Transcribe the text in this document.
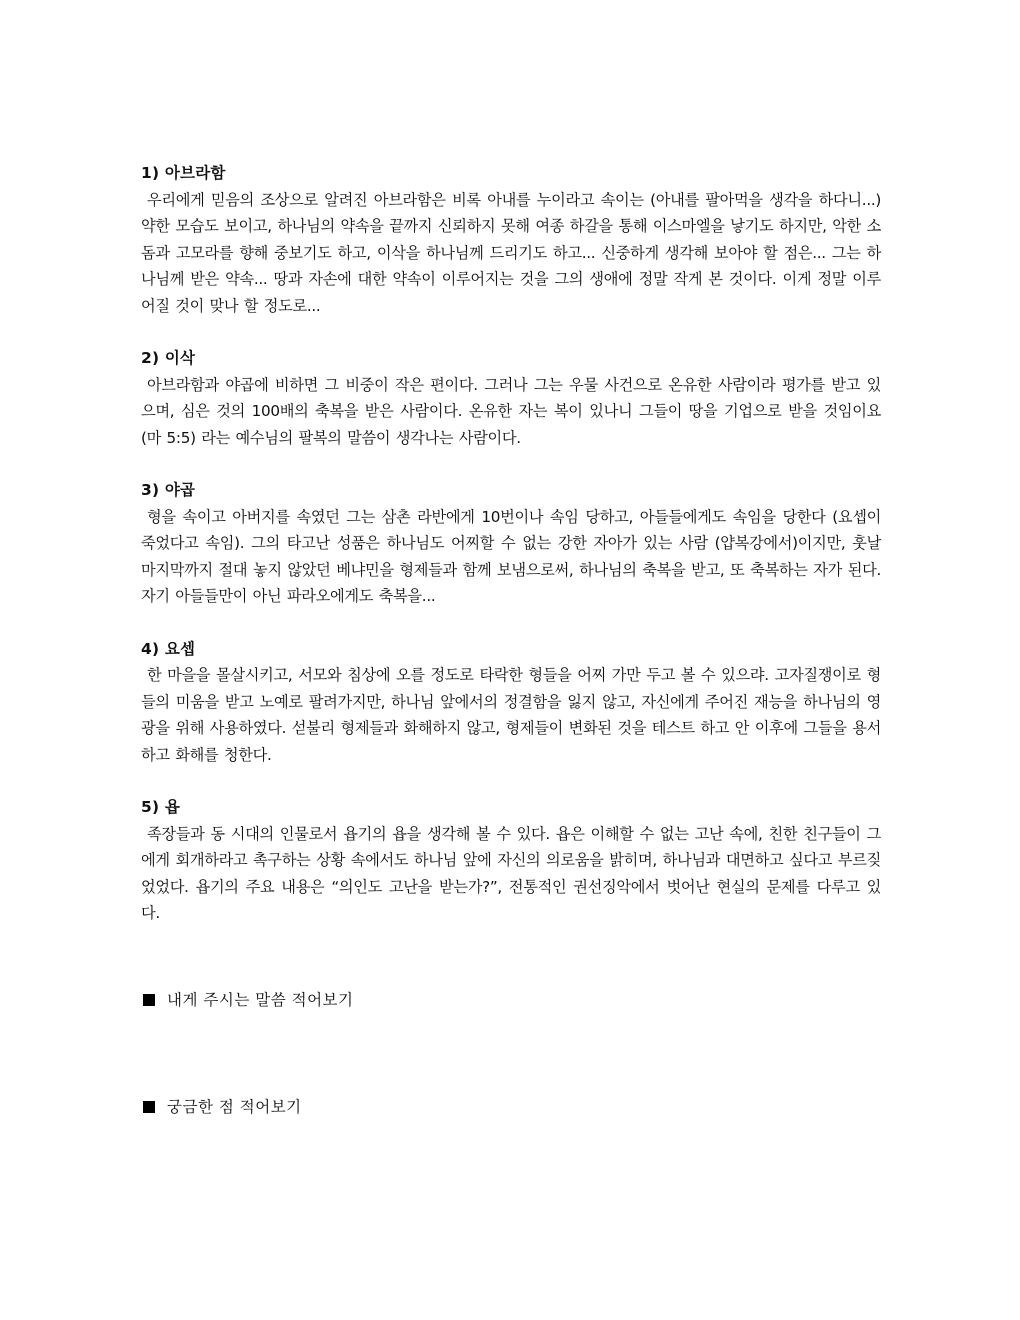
1) 아브라함

우리에게 믿음의 조상으로 알려진 아브라함은 비록 아내를 누이라고 속이는 (아내를 팔아먹을 생각을 하다니...) 약한 모습도 보이고, 하나님의 약속을 끝까지 신뢰하지 못해 여종 하갈을 통해 이스마엘을 낳기도 하지만, 악한 소돔과 고모라를 향해 중보기도 하고, 이삭을 하나님께 드리기도 하고... 신중하게 생각해 보아야 할 점은... 그는 하나님께 받은 약속... 땅과 자손에 대한 약속이 이루어지는 것을 그의 생애에 정말 작게 본 것이다. 이게 정말 이루어질 것이 맞나 할 정도로...

2) 이삭

아브라함과 야곱에 비하면 그 비중이 작은 편이다. 그러나 그는 우물 사건으로 온유한 사람이라 평가를 받고 있으며, 심은 것의 100배의 축복을 받은 사람이다. 온유한 자는 복이 있나니 그들이 땅을 기업으로 받을 것임이요 (마 5:5) 라는 예수님의 팔복의 말씀이 생각나는 사람이다.

3) 야곱

형을 속이고 아버지를 속였던 그는 삼촌 라반에게 10번이나 속임 당하고, 아들들에게도 속임을 당한다 (요셉이 죽었다고 속임). 그의 타고난 성품은 하나님도 어찌할 수 없는 강한 자아가 있는 사람 (얍복강에서)이지만, 훗날 마지막까지 절대 놓지 않았던 베냐민을 형제들과 함께 보냄으로써, 하나님의 축복을 받고, 또 축복하는 자가 된다. 자기 아들들만이 아닌 파라오에게도 축복을...

4) 요셉

한 마을을 몰살시키고, 서모와 침상에 오를 정도로 타락한 형들을 어찌 가만 두고 볼 수 있으랴. 고자질쟁이로 형들의 미움을 받고 노예로 팔려가지만, 하나님 앞에서의 정결함을 잃지 않고, 자신에게 주어진 재능을 하나님의 영광을 위해 사용하였다. 섣불리 형제들과 화해하지 않고, 형제들이 변화된 것을 테스트 하고 안 이후에 그들을 용서하고 화해를 청한다.

5) 욥

족장들과 동 시대의 인물로서 욥기의 욥을 생각해 볼 수 있다. 욥은 이해할 수 없는 고난 속에, 친한 친구들이 그에게 회개하라고 촉구하는 상황 속에서도 하나님 앞에 자신의 의로움을 밝히며, 하나님과 대면하고 싶다고 부르짖었었다. 욥기의 주요 내용은 “의인도 고난을 받는가?”, 전통적인 권선징악에서 벗어난 현실의 문제를 다루고 있다.

내게 주시는 말씀 적어보기
궁금한 점 적어보기
